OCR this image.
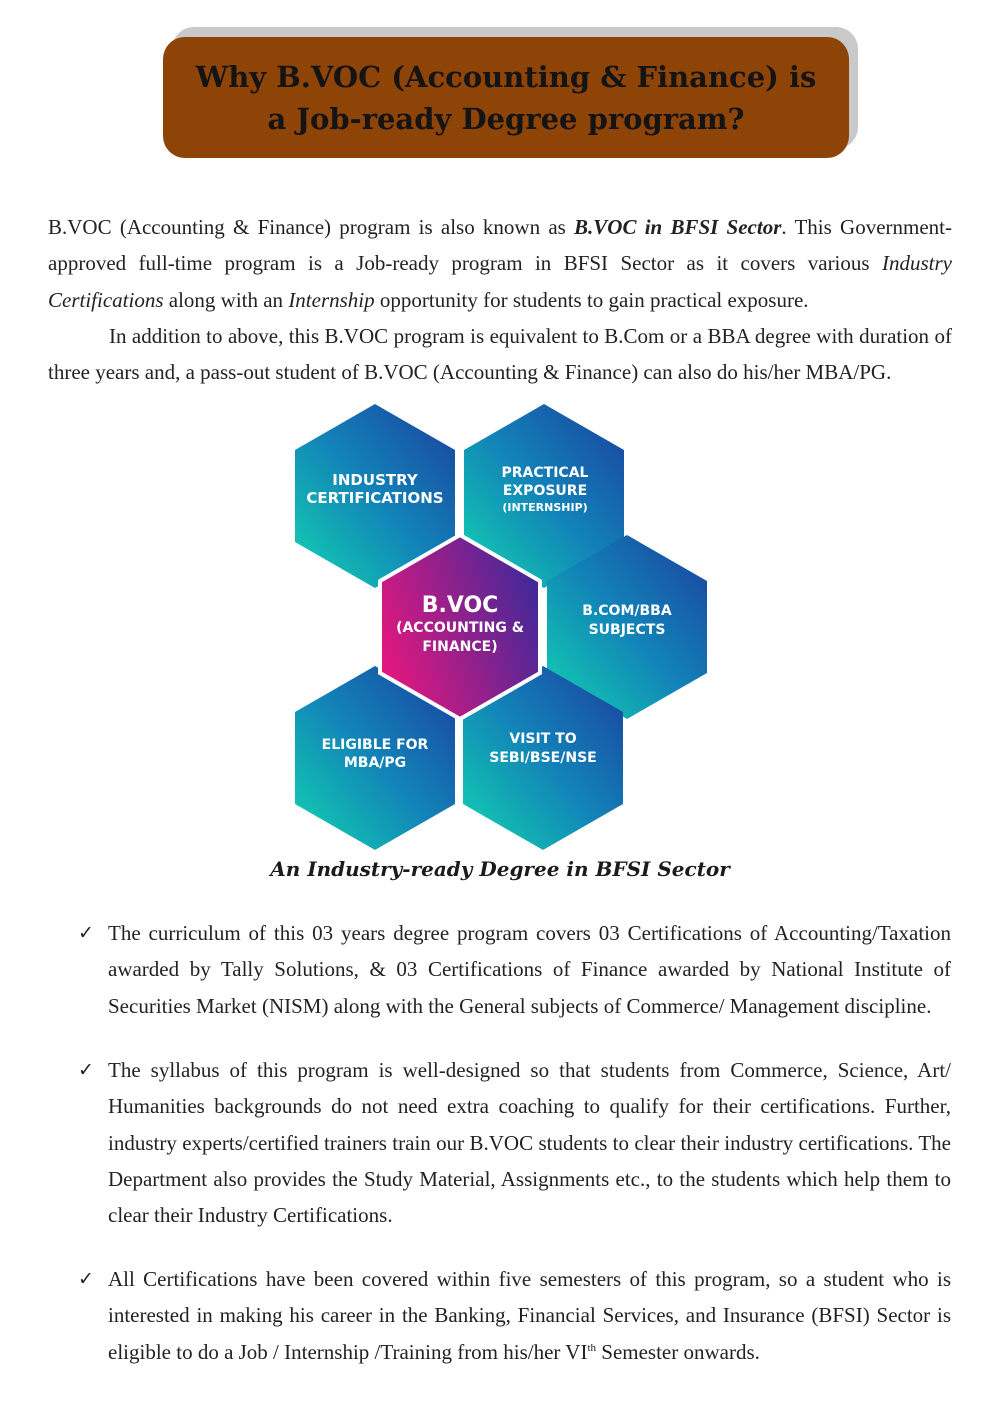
Why B.VOC (Accounting & Finance) is
a Job-ready Degree program?

B.VOC (Accounting & Finance) program is also known as B.VOC in BFSI Sector. This Government-approved full-time program is a Job-ready program in BFSI Sector as it covers various Industry Certifications along with an Internship opportunity for students to gain practical exposure.

In addition to above, this B.VOC program is equivalent to B.Com or a BBA degree with duration of three years and, a pass-out student of B.VOC (Accounting & Finance) can also do his/her MBA/PG.

INDUSTRY
CERTIFICATIONS
PRACTICAL
EXPOSURE
(INTERNSHIP)
B.COM/BBA
SUBJECTS
ELIGIBLE FOR
MBA/PG
VISIT TO
SEBI/BSE/NSE
B.VOC
(ACCOUNTING &
FINANCE)

An Industry-ready Degree in BFSI Sector

✓ The curriculum of this 03 years degree program covers 03 Certifications of Accounting/Taxation awarded by Tally Solutions, & 03 Certifications of Finance awarded by National Institute of Securities Market (NISM) along with the General subjects of Commerce/ Management discipline.

✓ The syllabus of this program is well-designed so that students from Commerce, Science, Art/ Humanities backgrounds do not need extra coaching to qualify for their certifications. Further, industry experts/certified trainers train our B.VOC students to clear their industry certifications. The Department also provides the Study Material, Assignments etc., to the students which help them to clear their Industry Certifications.

✓ All Certifications have been covered within five semesters of this program, so a student who is interested in making his career in the Banking, Financial Services, and Insurance (BFSI) Sector is eligible to do a Job / Internship /Training from his/her VIth Semester onwards.
